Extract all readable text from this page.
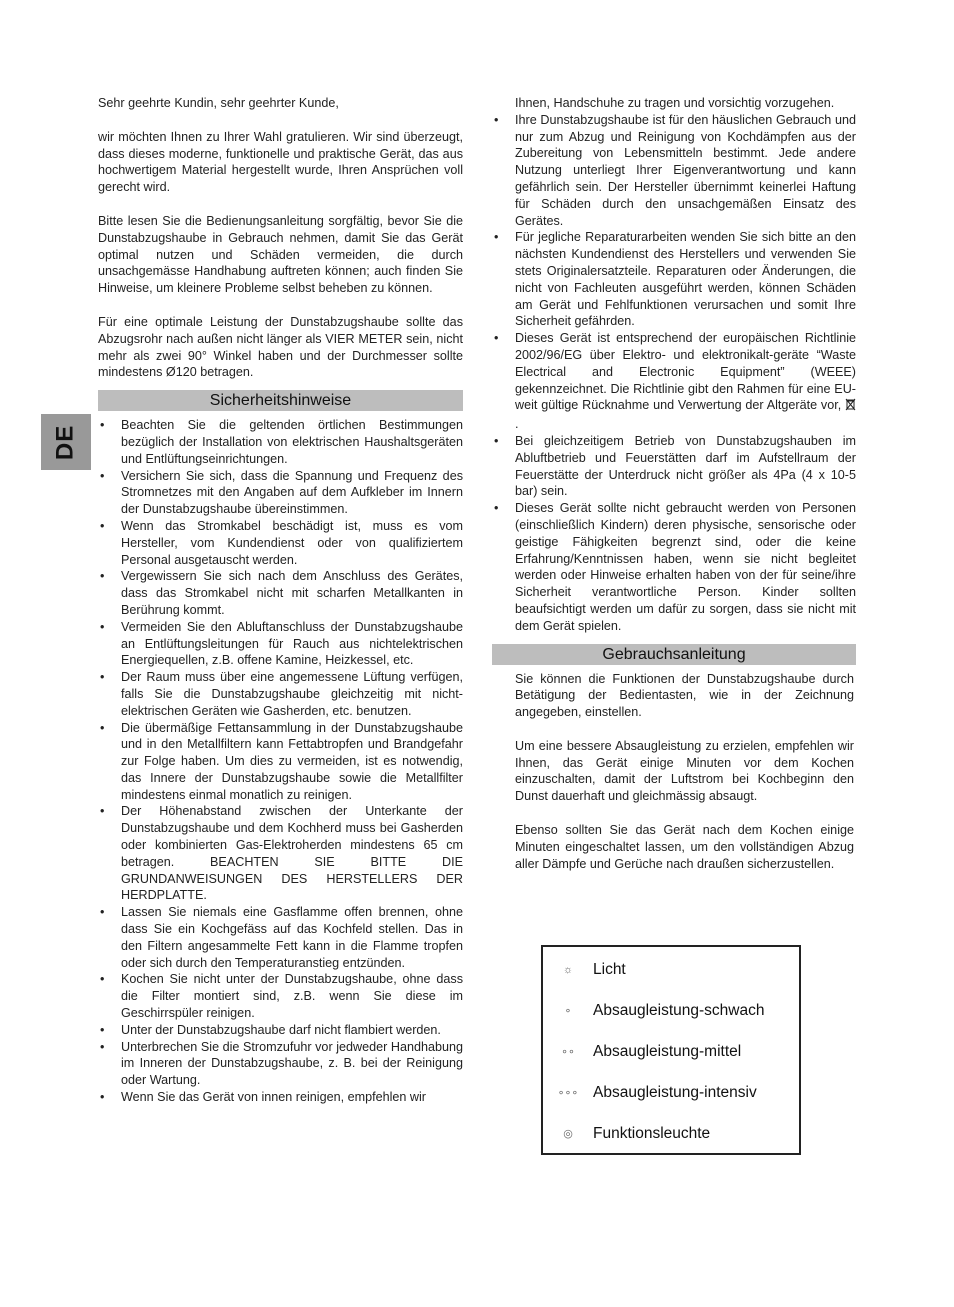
DE

Sehr geehrte Kundin, sehr geehrter Kunde,

wir möchten Ihnen zu Ihrer Wahl gratulieren. Wir sind überzeugt, dass dieses moderne, funktionelle und praktische Gerät, das aus hochwertigem Material hergestellt wurde, Ihren Ansprüchen voll gerecht wird.

Bitte lesen Sie die Bedienungsanleitung sorgfältig, bevor Sie die Dunstabzugshaube in Gebrauch nehmen, damit Sie das Gerät optimal nutzen und Schäden vermeiden, die durch unsachgemässe Handhabung auftreten können; auch finden Sie Hinweise, um kleinere Probleme selbst beheben zu können.

Für eine optimale Leistung der Dunstabzugshaube sollte das Abzugsrohr nach außen nicht länger als VIER METER sein, nicht mehr als zwei 90° Winkel haben und der Durchmesser sollte mindestens Ø120 betragen.

Sicherheitshinweise
• Beachten Sie die geltenden örtlichen Bestimmungen bezüglich der Installation von elektrischen Haushaltsgeräten und Entlüftungseinrichtungen.
• Versichern Sie sich, dass die Spannung und Frequenz des Stromnetzes mit den Angaben auf dem Aufkleber im Innern der Dunstabzugshaube übereinstimmen.
• Wenn das Stromkabel beschädigt ist, muss es vom Hersteller, vom Kundendienst oder von qualifiziertem Personal ausgetauscht werden.
• Vergewissern Sie sich nach dem Anschluss des Gerätes, dass das Stromkabel nicht mit scharfen Metallkanten in Berührung kommt.
• Vermeiden Sie den Abluftanschluss der Dunstabzugshaube an Entlüftungsleitungen für Rauch aus nichtelektrischen Energiequellen, z.B. offene Kamine, Heizkessel, etc.
• Der Raum muss über eine angemessene Lüftung verfügen, falls Sie die Dunstabzugshaube gleichzeitig mit nicht-elektrischen Geräten wie Gasherden, etc. benutzen.
• Die übermäßige Fettansammlung in der Dunstabzugshaube und in den Metallfiltern kann Fettabtropfen und Brandgefahr zur Folge haben. Um dies zu vermeiden, ist es notwendig, das Innere der Dunstabzugshaube sowie die Metallfilter mindestens einmal monatlich zu reinigen.
• Der Höhenabstand zwischen der Unterkante der Dunstabzugshaube und dem Kochherd muss bei Gasherden oder kombinierten Gas-Elektroherden mindestens 65 cm betragen. BEACHTEN SIE BITTE DIE GRUNDANWEISUNGEN DES HERSTELLERS DER HERDPLATTE.
• Lassen Sie niemals eine Gasflamme offen brennen, ohne dass Sie ein Kochgefäss auf das Kochfeld stellen. Das in den Filtern angesammelte Fett kann in die Flamme tropfen oder sich durch den Temperaturanstieg entzünden.
• Kochen Sie nicht unter der Dunstabzugshaube, ohne dass die Filter montiert sind, z.B. wenn Sie diese im Geschirrspüler reinigen.
• Unter der Dunstabzugshaube darf nicht flambiert werden.
• Unterbrechen Sie die Stromzufuhr vor jedweder Handhabung im Inneren der Dunstabzugshaube, z. B. bei der Reinigung oder Wartung.
• Wenn Sie das Gerät von innen reinigen, empfehlen wir

Ihnen, Handschuhe zu tragen und vorsichtig vorzugehen.

• Ihre Dunstabzugshaube ist für den häuslichen Gebrauch und nur zum Abzug und Reinigung von Kochdämpfen aus der Zubereitung von Lebensmitteln bestimmt. Jede andere Nutzung unterliegt Ihrer Eigenverantwortung und kann gefährlich sein. Der Hersteller übernimmt keinerlei Haftung für Schäden durch den unsachgemäßen Einsatz des Gerätes.
• Für jegliche Reparaturarbeiten wenden Sie sich bitte an den nächsten Kundendienst des Herstellers und verwenden Sie stets Originalersatzteile. Reparaturen oder Änderungen, die nicht von Fachleuten ausgeführt werden, können Schäden am Gerät und Fehlfunktionen verursachen und somit Ihre Sicherheit gefährden.
• Dieses Gerät ist entsprechend der europäischen Richtlinie 2002/96/EG über Elektro- und elektronikalt-geräte “Waste Electrical and Electronic Equipment” (WEEE) gekennzeichnet. Die Richtlinie gibt den Rahmen für eine EU-weit gültige Rücknahme und Verwertung der Altgeräte vor, .
• Bei gleichzeitigem Betrieb von Dunstabzugshauben im Abluftbetrieb und Feuerstätten darf im Aufstellraum der Feuerstätte der Unterdruck nicht größer als 4Pa (4 x 10-5 bar) sein.
• Dieses Gerät sollte nicht gebraucht werden von Personen (einschließlich Kindern) deren physische, sensorische oder geistige Fähigkeiten begrenzt sind, oder die keine Erfahrung/Kenntnissen haben, wenn sie nicht begleitet werden oder Hinweise erhalten haben von der für seine/ihre Sicherheit verantwortliche Person. Kinder sollten beaufsichtigt werden um dafür zu sorgen, dass sie nicht mit dem Gerät spielen.
Gebrauchsanleitung

Sie können die Funktionen der Dunstabzugshaube durch Betätigung der Bedientasten, wie in der Zeichnung angegeben, einstellen.

Um eine bessere Absaugleistung zu erzielen, empfehlen wir Ihnen, das Gerät einige Minuten vor dem Kochen einzuschalten, damit der Luftstrom bei Kochbeginn den Dunst dauerhaft und gleichmässig absaugt.

Ebenso sollten Sie das Gerät nach dem Kochen einige Minuten eingeschaltet lassen, um den vollständigen Abzug aller Dämpfe und Gerüche nach draußen sicherzustellen.

☼	Licht
∘	Absaugleistung-schwach
∘∘	Absaugleistung-mittel
∘∘∘ Absaugleistung-intensiv
◎	Funktionsleuchte
